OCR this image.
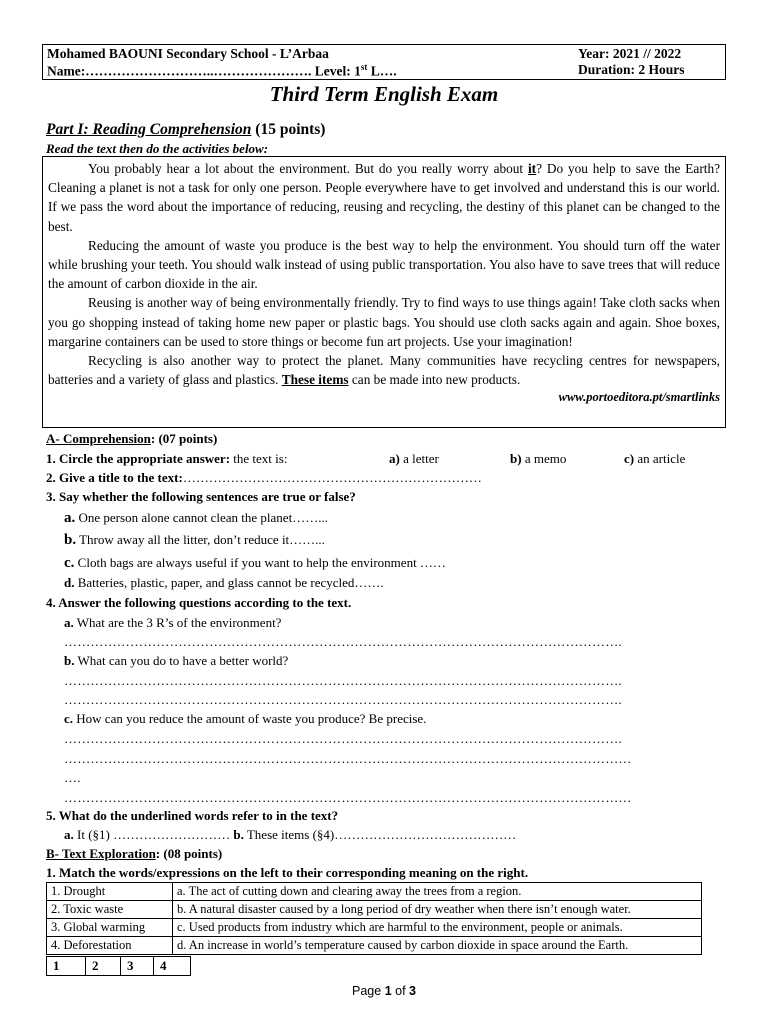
Mohamed BAOUNI Secondary School - L’Arbaa	Year: 2021 // 2022
Name:………………………..…………………. Level: 1st L….	Duration: 2 Hours
Third Term English Exam
Part I: Reading Comprehension (15 points)
Read the text then do the activities below:

You probably hear a lot about the environment. But do you really worry about it? Do you help to save the Earth? Cleaning a planet is not a task for only one person. People everywhere have to get involved and understand this is our world. If we pass the word about the importance of reducing, reusing and recycling, the destiny of this planet can be changed to the best.

Reducing the amount of waste you produce is the best way to help the environment. You should turn off the water while brushing your teeth. You should walk instead of using public transportation. You also have to save trees that will reduce the amount of carbon dioxide in the air.

Reusing is another way of being environmentally friendly. Try to find ways to use things again! Take cloth sacks when you go shopping instead of taking home new paper or plastic bags. You should use cloth sacks again and again. Shoe boxes, margarine containers can be used to store things or become fun art projects. Use your imagination!

Recycling is also another way to protect the planet. Many communities have recycling centres for newspapers, batteries and a variety of glass and plastics. These items can be made into new products.

www.portoeditora.pt/smartlinks
A- Comprehension: (07 points)
1. Circle the appropriate answer: the text is:	a) a letter	b) a memo	c) an article
2. Give a title to the text:……………………………………………………………
3. Say whether the following sentences are true or false?
a. One person alone cannot clean the planet……...
b. Throw away all the litter, don’t reduce it……...
c. Cloth bags are always useful if you want to help the environment ……
d. Batteries, plastic, paper, and glass cannot be recycled…….
4. Answer the following questions according to the text.
a. What are the 3 R’s of the environment?
……………………………………………………………………………………………………………….
b. What can you do to have a better world?
……………………………………………………………………………………………………………….
……………………………………………………………………………………………………………….
c. How can you reduce the amount of waste you produce? Be precise.
……………………………………………………………………………………………………………….
…………………………………………………………………………………………………………………
….
…………………………………………………………………………………………………………………
5. What do the underlined words refer to in the text?
a. It (§1) ……………………… b. These items (§4)……………………………………
B- Text Exploration: (08 points)
1. Match the words/expressions on the left to their corresponding meaning on the right.
1. Drought	a. The act of cutting down and clearing away the trees from a region.
2. Toxic waste	b. A natural disaster caused by a long period of dry weather when there isn’t enough water.
3. Global warming	c. Used products from industry which are harmful to the environment, people or animals.
4. Deforestation	d. An increase in world’s temperature caused by carbon dioxide in space around the Earth.
1	2	3	4
Page 1 of 3
